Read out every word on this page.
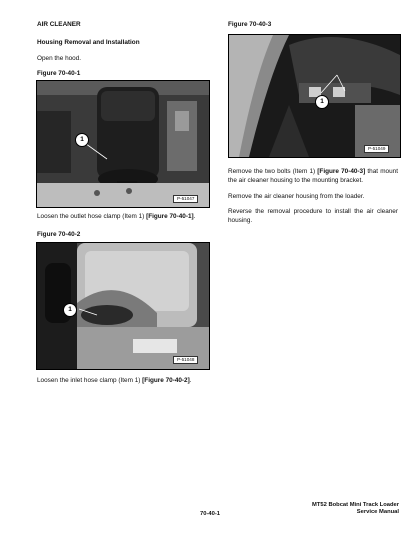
AIR CLEANER
Housing Removal and Installation
Open the hood.
Figure 70-40-1
1
P-51047
Loosen the outlet hose clamp (Item 1) [Figure 70-40-1].
Figure 70-40-2
1
P-51048
Loosen the inlet hose clamp (Item 1) [Figure 70-40-2].
Figure 70-40-3
1
P-51049
Remove the two bolts (Item 1) [Figure 70-40-3] that mount the air cleaner housing to the mounting bracket.
Remove the air cleaner housing from the loader.
Reverse the removal procedure to install the air cleaner housing.
70-40-1
MT52 Bobcat Mini Track Loader
Service Manual
